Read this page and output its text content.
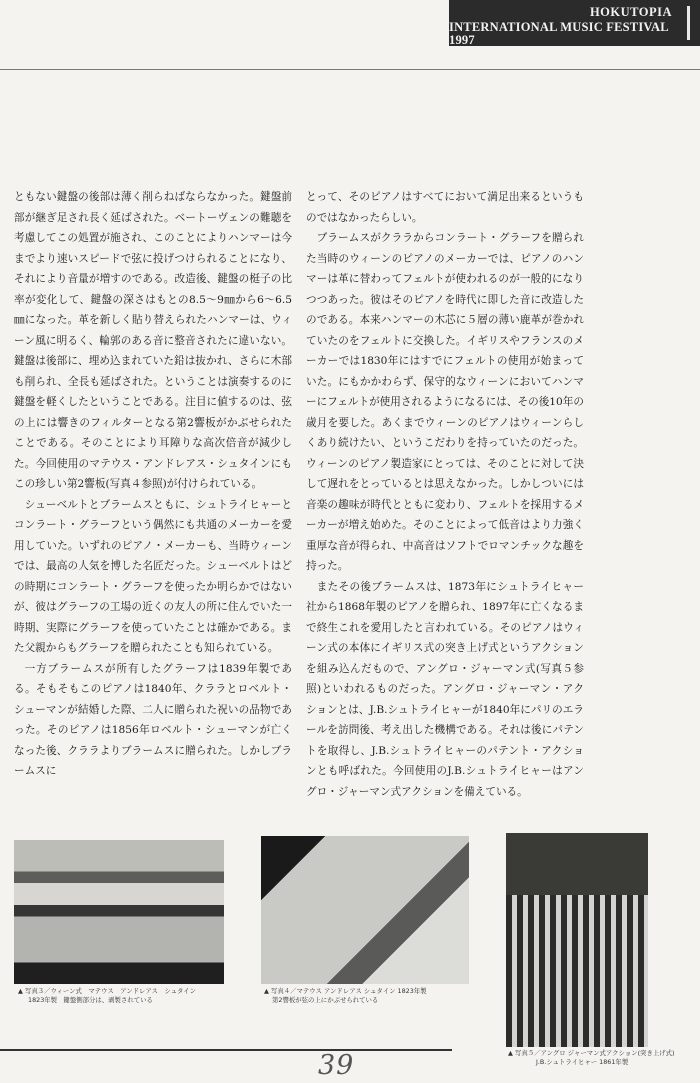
HOKUTOPIA
INTERNATIONAL MUSIC FESTIVAL 1997

ともない鍵盤の後部は薄く削らねばならなかった。鍵盤前部が継ぎ足され長く延ばされた。ベートーヴェンの難聴を考慮してこの処置が施され、このことによりハンマーは今までより速いスピードで弦に投げつけられることになり、それにより音量が増すのである。改造後、鍵盤の梃子の比率が変化して、鍵盤の深さはもとの8.5～9㎜から6～6.5㎜になった。革を新しく貼り替えられたハンマーは、ウィーン風に明るく、輪郭のある音に整音されたに違いない。鍵盤は後部に、埋め込まれていた鉛は抜かれ、さらに木部も削られ、全長も延ばされた。ということは演奏するのに鍵盤を軽くしたということである。注目に値するのは、弦の上には響きのフィルターとなる第2響板がかぶせられたことである。そのことにより耳障りな高次倍音が減少した。今回使用のマテウス・アンドレアス・シュタインにもこの珍しい第2響板(写真４参照)が付けられている。

シューベルトとブラームスともに、シュトライヒャーとコンラート・グラーフという偶然にも共通のメーカーを愛用していた。いずれのピアノ・メーカーも、当時ウィーンでは、最高の人気を博した名匠だった。シューベルトはどの時期にコンラート・グラーフを使ったか明らかではないが、彼はグラーフの工場の近くの友人の所に住んでいた一時期、実際にグラーフを使っていたことは確かである。また父親からもグラーフを贈られたことも知られている。

一方ブラームスが所有したグラーフは1839年製である。そもそもこのピアノは1840年、クララとロベルト・シューマンが結婚した際、二人に贈られた祝いの品物であった。そのピアノは1856年ロベルト・シューマンが亡くなった後、クララよりブラームスに贈られた。しかしブラームスに

とって、そのピアノはすべてにおいて満足出来るというものではなかったらしい。

ブラームスがクララからコンラート・グラーフを贈られた当時のウィーンのピアノのメーカーでは、ピアノのハンマーは革に替わってフェルトが使われるのが一般的になりつつあった。彼はそのピアノを時代に即した音に改造したのである。本来ハンマーの木芯に５層の薄い鹿革が巻かれていたのをフェルトに交換した。イギリスやフランスのメーカーでは1830年にはすでにフェルトの使用が始まっていた。にもかかわらず、保守的なウィーンにおいてハンマーにフェルトが使用されるようになるには、その後10年の歳月を要した。あくまでウィーンのピアノはウィーンらしくあり続けたい、というこだわりを持っていたのだった。ウィーンのピアノ製造家にとっては、そのことに対して決して遅れをとっているとは思えなかった。しかしついには音楽の趣味が時代とともに変わり、フェルトを採用するメーカーが増え始めた。そのことによって低音はより力強く重厚な音が得られ、中高音はソフトでロマンチックな趣を持った。

またその後ブラームスは、1873年にシュトライヒャー社から1868年製のピアノを贈られ、1897年に亡くなるまで終生これを愛用したと言われている。そのピアノはウィーン式の本体にイギリス式の突き上げ式というアクションを組み込んだもので、アングロ・ジャーマン式(写真５参照)といわれるものだった。アングロ・ジャーマン・アクションとは、J.B.シュトライヒャーが1840年にパリのエラールを訪問後、考え出した機構である。それは後にパテントを取得し、J.B.シュトライヒャーのパテント・アクションとも呼ばれた。今回使用のJ.B.シュトライヒャーはアングロ・ジャーマン式アクションを備えている。

▲ 写真３／ウィーン式　マテウス　アンドレアス　シュタイン
1823年製　鍵盤側部分は、剥製されている
▲ 写真４／マテウス アンドレアス シュタイン 1823年製
第2響板が弦の上にかぶせられている
▲ 写真５／アングロ ジャーマン式アクション(突き上げ式)
J.B.シュトライヒャー 1861年製
39
